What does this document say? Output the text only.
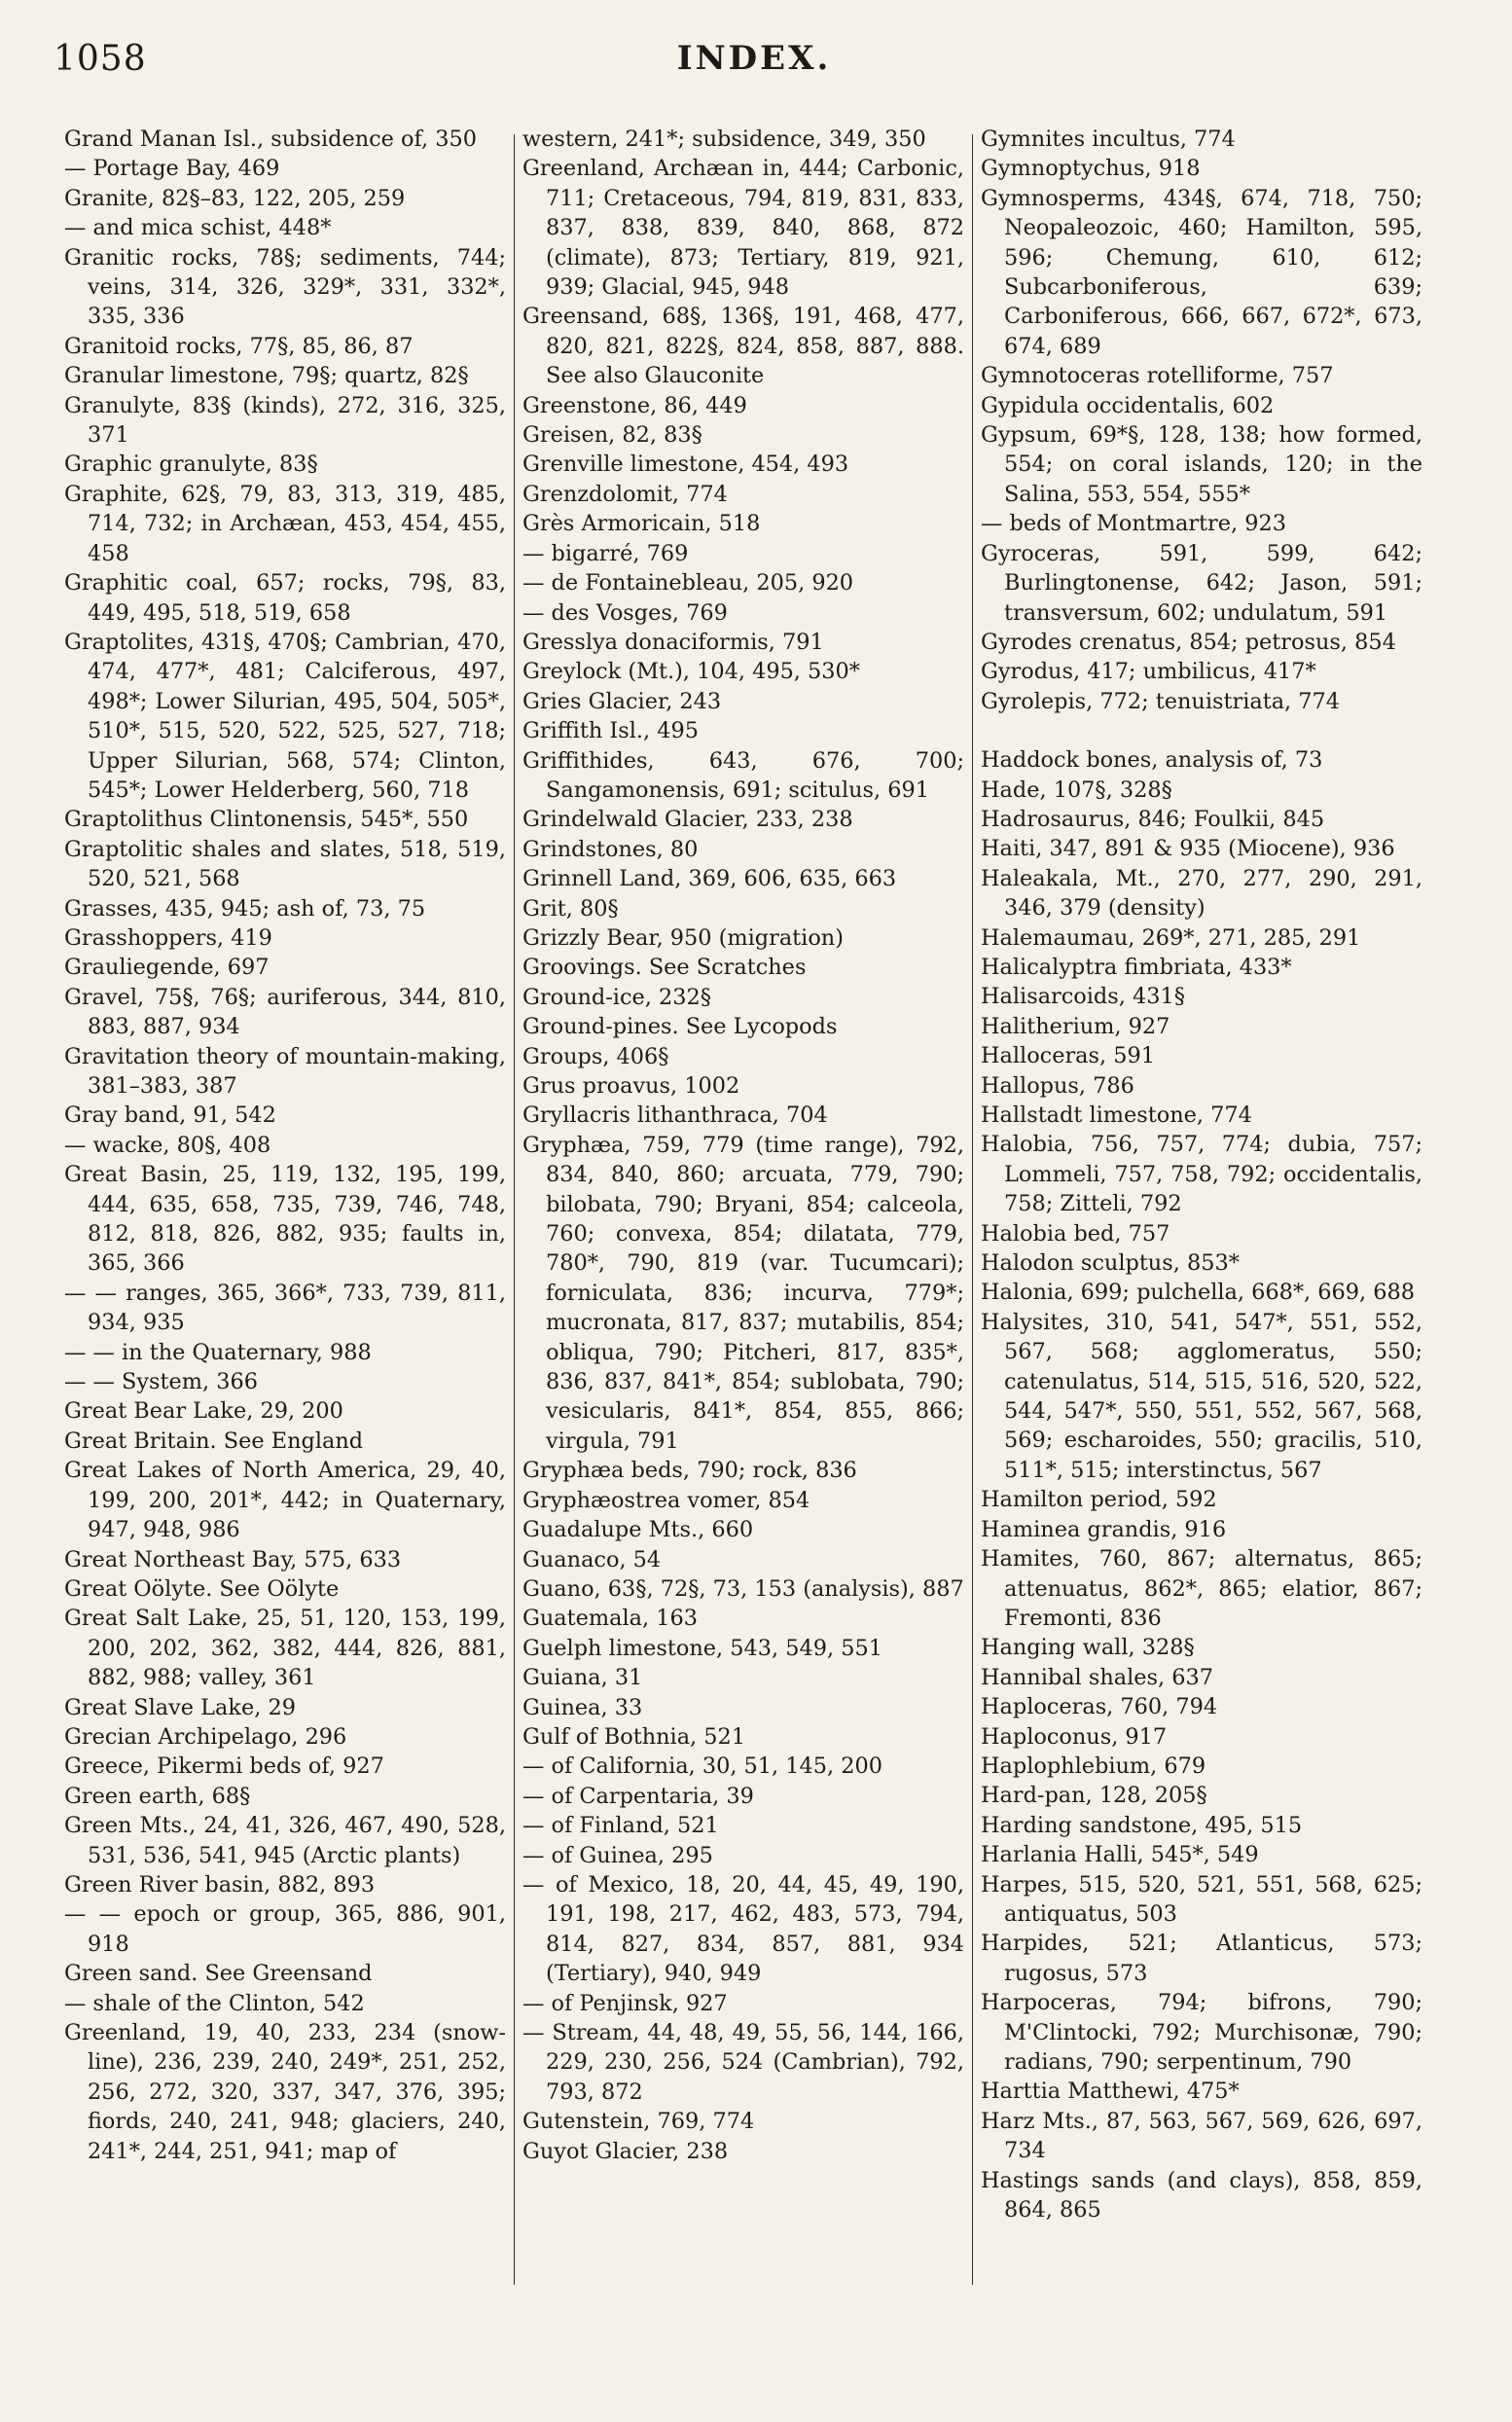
1058	INDEX.
Grand Manan Isl., subsidence of, 350
— Portage Bay, 469
Granite, 82§–83, 122, 205, 259
— and mica schist, 448*
Granitic rocks, 78§; sediments, 744; veins, 314, 326, 329*, 331, 332*, 335, 336
Granitoid rocks, 77§, 85, 86, 87
Granular limestone, 79§; quartz, 82§
Granulyte, 83§ (kinds), 272, 316, 325, 371
Graphic granulyte, 83§
Graphite, 62§, 79, 83, 313, 319, 485, 714, 732; in Archæan, 453, 454, 455, 458
Graphitic coal, 657; rocks, 79§, 83, 449, 495, 518, 519, 658
Graptolites, 431§, 470§; Cambrian, 470, 474, 477*, 481; Calciferous, 497, 498*; Lower Silurian, 495, 504, 505*, 510*, 515, 520, 522, 525, 527, 718; Upper Silurian, 568, 574; Clinton, 545*; Lower Helderberg, 560, 718
Graptolithus Clintonensis, 545*, 550
Graptolitic shales and slates, 518, 519, 520, 521, 568
Grasses, 435, 945; ash of, 73, 75
Grasshoppers, 419
Grauliegende, 697
Gravel, 75§, 76§; auriferous, 344, 810, 883, 887, 934
Gravitation theory of mountain-making, 381–383, 387
Gray band, 91, 542
— wacke, 80§, 408
Great Basin, 25, 119, 132, 195, 199, 444, 635, 658, 735, 739, 746, 748, 812, 818, 826, 882, 935; faults in, 365, 366
— — ranges, 365, 366*, 733, 739, 811, 934, 935
— — in the Quaternary, 988
— — System, 366
Great Bear Lake, 29, 200
Great Britain. See England
Great Lakes of North America, 29, 40, 199, 200, 201*, 442; in Quaternary, 947, 948, 986
Great Northeast Bay, 575, 633
Great Oölyte. See Oölyte
Great Salt Lake, 25, 51, 120, 153, 199, 200, 202, 362, 382, 444, 826, 881, 882, 988; valley, 361
Great Slave Lake, 29
Grecian Archipelago, 296
Greece, Pikermi beds of, 927
Green earth, 68§
Green Mts., 24, 41, 326, 467, 490, 528, 531, 536, 541, 945 (Arctic plants)
Green River basin, 882, 893
— — epoch or group, 365, 886, 901, 918
Green sand. See Greensand
— shale of the Clinton, 542
Greenland, 19, 40, 233, 234 (snow-line), 236, 239, 240, 249*, 251, 252, 256, 272, 320, 337, 347, 376, 395; fiords, 240, 241, 948; glaciers, 240, 241*, 244, 251, 941; map of
western, 241*; subsidence, 349, 350
Greenland, Archæan in, 444; Carbonic, 711; Cretaceous, 794, 819, 831, 833, 837, 838, 839, 840, 868, 872 (climate), 873; Tertiary, 819, 921, 939; Glacial, 945, 948
Greensand, 68§, 136§, 191, 468, 477, 820, 821, 822§, 824, 858, 887, 888. See also Glauconite
Greenstone, 86, 449
Greisen, 82, 83§
Grenville limestone, 454, 493
Grenzdolomit, 774
Grès Armoricain, 518
— bigarré, 769
— de Fontainebleau, 205, 920
— des Vosges, 769
Gresslya donaciformis, 791
Greylock (Mt.), 104, 495, 530*
Gries Glacier, 243
Griffith Isl., 495
Griffithides, 643, 676, 700; Sangamonensis, 691; scitulus, 691
Grindelwald Glacier, 233, 238
Grindstones, 80
Grinnell Land, 369, 606, 635, 663
Grit, 80§
Grizzly Bear, 950 (migration)
Groovings. See Scratches
Ground-ice, 232§
Ground-pines. See Lycopods
Groups, 406§
Grus proavus, 1002
Gryllacris lithanthraca, 704
Gryphæa, 759, 779 (time range), 792, 834, 840, 860; arcuata, 779, 790; bilobata, 790; Bryani, 854; calceola, 760; convexa, 854; dilatata, 779, 780*, 790, 819 (var. Tucumcari); forniculata, 836; incurva, 779*; mucronata, 817, 837; mutabilis, 854; obliqua, 790; Pitcheri, 817, 835*, 836, 837, 841*, 854; sublobata, 790; vesicularis, 841*, 854, 855, 866; virgula, 791
Gryphæa beds, 790; rock, 836
Gryphæostrea vomer, 854
Guadalupe Mts., 660
Guanaco, 54
Guano, 63§, 72§, 73, 153 (analysis), 887
Guatemala, 163
Guelph limestone, 543, 549, 551
Guiana, 31
Guinea, 33
Gulf of Bothnia, 521
— of California, 30, 51, 145, 200
— of Carpentaria, 39
— of Finland, 521
— of Guinea, 295
— of Mexico, 18, 20, 44, 45, 49, 190, 191, 198, 217, 462, 483, 573, 794, 814, 827, 834, 857, 881, 934 (Tertiary), 940, 949
— of Penjinsk, 927
— Stream, 44, 48, 49, 55, 56, 144, 166, 229, 230, 256, 524 (Cambrian), 792, 793, 872
Gutenstein, 769, 774
Guyot Glacier, 238
Gymnites incultus, 774
Gymnoptychus, 918
Gymnosperms, 434§, 674, 718, 750; Neopaleozoic, 460; Hamilton, 595, 596; Chemung, 610, 612; Subcarboniferous, 639; Carboniferous, 666, 667, 672*, 673, 674, 689
Gymnotoceras rotelliforme, 757
Gypidula occidentalis, 602
Gypsum, 69*§, 128, 138; how formed, 554; on coral islands, 120; in the Salina, 553, 554, 555*
— beds of Montmartre, 923
Gyroceras, 591, 599, 642; Burlingtonense, 642; Jason, 591; transversum, 602; undulatum, 591
Gyrodes crenatus, 854; petrosus, 854
Gyrodus, 417; umbilicus, 417*
Gyrolepis, 772; tenuistriata, 774
Haddock bones, analysis of, 73
Hade, 107§, 328§
Hadrosaurus, 846; Foulkii, 845
Haiti, 347, 891 & 935 (Miocene), 936
Haleakala, Mt., 270, 277, 290, 291, 346, 379 (density)
Halemaumau, 269*, 271, 285, 291
Halicalyptra fimbriata, 433*
Halisarcoids, 431§
Halitherium, 927
Halloceras, 591
Hallopus, 786
Hallstadt limestone, 774
Halobia, 756, 757, 774; dubia, 757; Lommeli, 757, 758, 792; occidentalis, 758; Zitteli, 792
Halobia bed, 757
Halodon sculptus, 853*
Halonia, 699; pulchella, 668*, 669, 688
Halysites, 310, 541, 547*, 551, 552, 567, 568; agglomeratus, 550; catenulatus, 514, 515, 516, 520, 522, 544, 547*, 550, 551, 552, 567, 568, 569; escharoides, 550; gracilis, 510, 511*, 515; interstinctus, 567
Hamilton period, 592
Haminea grandis, 916
Hamites, 760, 867; alternatus, 865; attenuatus, 862*, 865; elatior, 867; Fremonti, 836
Hanging wall, 328§
Hannibal shales, 637
Haploceras, 760, 794
Haploconus, 917
Haplophlebium, 679
Hard-pan, 128, 205§
Harding sandstone, 495, 515
Harlania Halli, 545*, 549
Harpes, 515, 520, 521, 551, 568, 625; antiquatus, 503
Harpides, 521; Atlanticus, 573; rugosus, 573
Harpoceras, 794; bifrons, 790; M'Clintocki, 792; Murchisonæ, 790; radians, 790; serpentinum, 790
Harttia Matthewi, 475*
Harz Mts., 87, 563, 567, 569, 626, 697, 734
Hastings sands (and clays), 858, 859, 864, 865
